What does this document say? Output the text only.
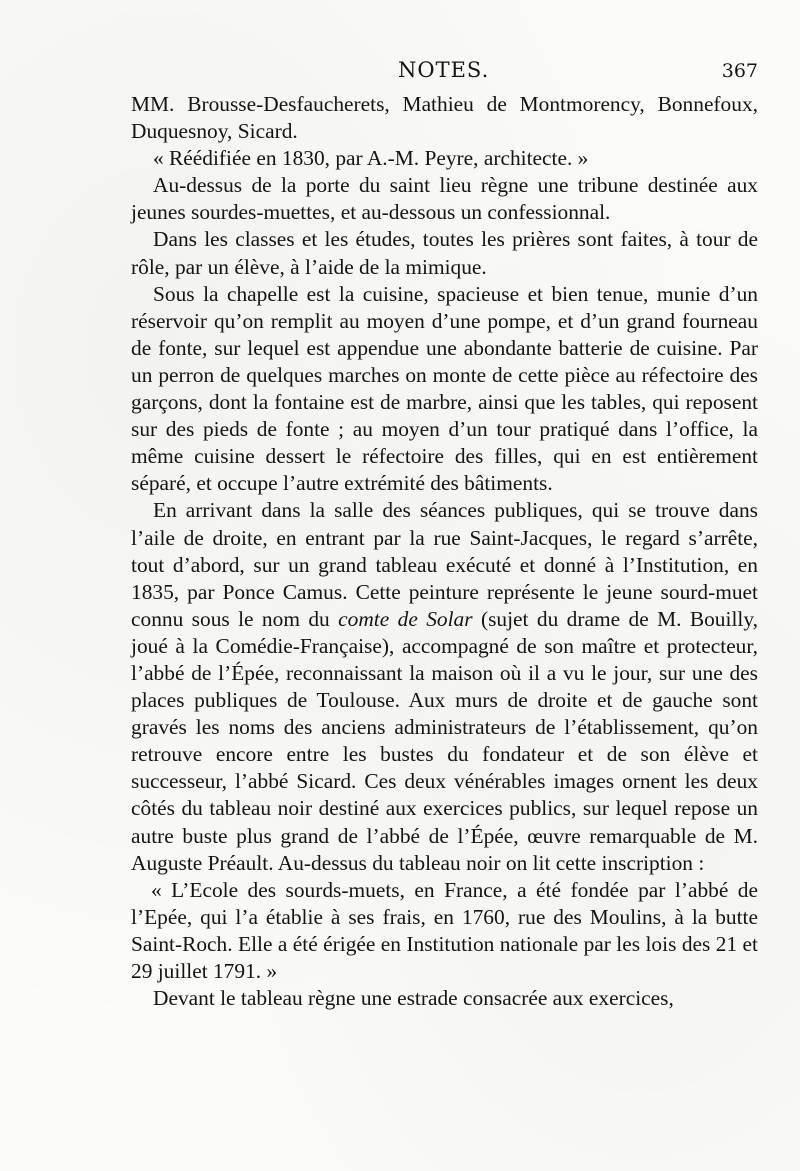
NOTES.	367

MM. Brousse-Desfaucherets, Mathieu de Montmorency, Bonnefoux, Duquesnoy, Sicard.

« Réédifiée en 1830, par A.-M. Peyre, architecte. »

Au-dessus de la porte du saint lieu règne une tribune destinée aux jeunes sourdes-muettes, et au-dessous un confessionnal.

Dans les classes et les études, toutes les prières sont faites, à tour de rôle, par un élève, à l’aide de la mimique.

Sous la chapelle est la cuisine, spacieuse et bien tenue, munie d’un réservoir qu’on remplit au moyen d’une pompe, et d’un grand fourneau de fonte, sur lequel est appendue une abondante batterie de cuisine. Par un perron de quelques marches on monte de cette pièce au réfectoire des garçons, dont la fontaine est de marbre, ainsi que les tables, qui reposent sur des pieds de fonte ; au moyen d’un tour pratiqué dans l’office, la même cuisine dessert le réfectoire des filles, qui en est entièrement séparé, et occupe l’autre extrémité des bâtiments.

En arrivant dans la salle des séances publiques, qui se trouve dans l’aile de droite, en entrant par la rue Saint-Jacques, le regard s’arrête, tout d’abord, sur un grand tableau exécuté et donné à l’Institution, en 1835, par Ponce Camus. Cette peinture représente le jeune sourd-muet connu sous le nom du comte de Solar (sujet du drame de M. Bouilly, joué à la Comédie-Française), accompagné de son maître et protecteur, l’abbé de l’Épée, reconnaissant la maison où il a vu le jour, sur une des places publiques de Toulouse. Aux murs de droite et de gauche sont gravés les noms des anciens administrateurs de l’établissement, qu’on retrouve encore entre les bustes du fondateur et de son élève et successeur, l’abbé Sicard. Ces deux vénérables images ornent les deux côtés du tableau noir destiné aux exercices publics, sur lequel repose un autre buste plus grand de l’abbé de l’Épée, œuvre remarquable de M. Auguste Préault. Au-dessus du tableau noir on lit cette inscription :

« L’Ecole des sourds-muets, en France, a été fondée par l’abbé de l’Epée, qui l’a établie à ses frais, en 1760, rue des Moulins, à la butte Saint-Roch. Elle a été érigée en Institution nationale par les lois des 21 et 29 juillet 1791. »

Devant le tableau règne une estrade consacrée aux exercices,
